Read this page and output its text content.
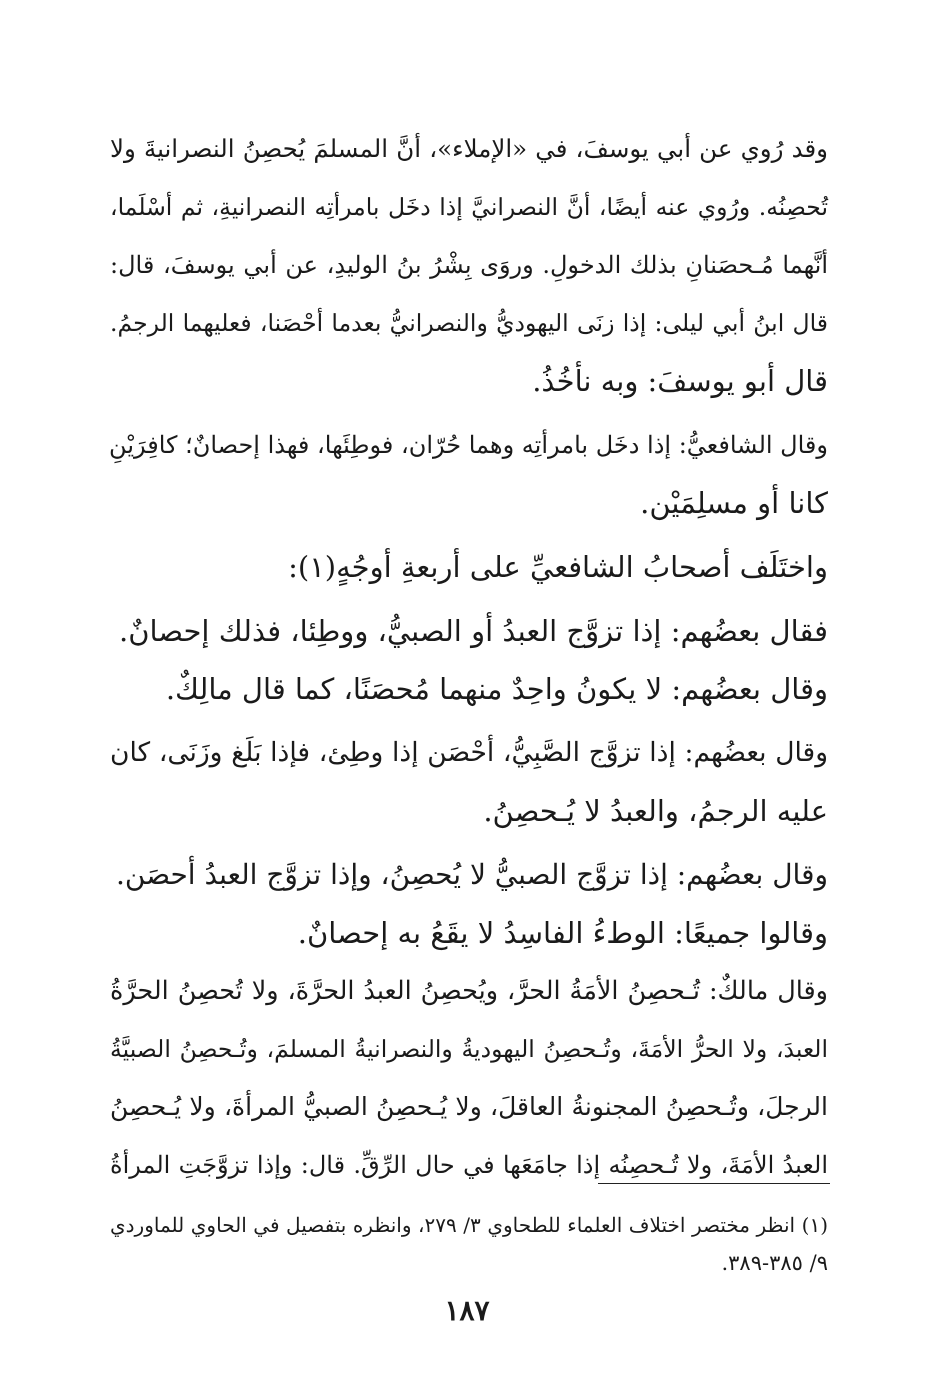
وقد رُوي عن أبي يوسفَ، في «الإملاء»، أنَّ المسلمَ يُحصِنُ النصرانيةَ ولا
تُحصِنُه. ورُوي عنه أيضًا، أنَّ النصرانيَّ إذا دخَل بامرأتِه النصرانيةِ، ثم أسْلَما،
أنَّهما مُـحصَنانِ بذلك الدخولِ. وروَى بِشْرُ بنُ الوليدِ، عن أبي يوسفَ، قال:
قال ابنُ أبي ليلى: إذا زنَى اليهوديُّ والنصرانيُّ بعدما أحْصَنا، فعليهما الرجمُ.
قال أبو يوسفَ: وبه نأخُذُ.
وقال الشافعيُّ: إذا دخَل بامرأتِه وهما حُرّان، فوطِئَها، فهذا إحصانٌ؛ كافِرَيْنِ
كانا أو مسلِمَيْن.
واختَلَف أصحابُ الشافعيِّ على أربعةِ أوجُهٍ(١):
فقال بعضُهم: إذا تزوَّج العبدُ أو الصبيُّ، ووطِئا، فذلك إحصانٌ.
وقال بعضُهم: لا يكونُ واحِدٌ منهما مُحصَنًا، كما قال مالِكٌ.
وقال بعضُهم: إذا تزوَّج الصَّبِيُّ، أحْصَن إذا وطِئ، فإذا بَلَغ وزَنَى، كان
عليه الرجمُ، والعبدُ لا يُـحصِنُ.
وقال بعضُهم: إذا تزوَّج الصبيُّ لا يُحصِنُ، وإذا تزوَّج العبدُ أحصَن.
وقالوا جميعًا: الوطءُ الفاسِدُ لا يقَعُ به إحصانٌ.
وقال مالكٌ: تُـحصِنُ الأمَةُ الحرَّ، ويُحصِنُ العبدُ الحرَّةَ، ولا تُحصِنُ الحرَّةُ
العبدَ، ولا الحرُّ الأمَةَ، وتُـحصِنُ اليهوديةُ والنصرانيةُ المسلمَ، وتُـحصِنُ الصبيَّةُ
الرجلَ، وتُـحصِنُ المجنونةُ العاقلَ، ولا يُـحصِنُ الصبيُّ المرأةَ، ولا يُـحصِنُ
العبدُ الأمَةَ، ولا تُـحصِنُه إذا جامَعَها في حال الرِّقِّ. قال: وإذا تزوَّجَتِ المرأةُ
(١) انظر مختصر اختلاف العلماء للطحاوي ٣/ ٢٧٩، وانظره بتفصيل في الحاوي للماوردي
٩/ ٣٨٥-٣٨٩.
١٨٧
